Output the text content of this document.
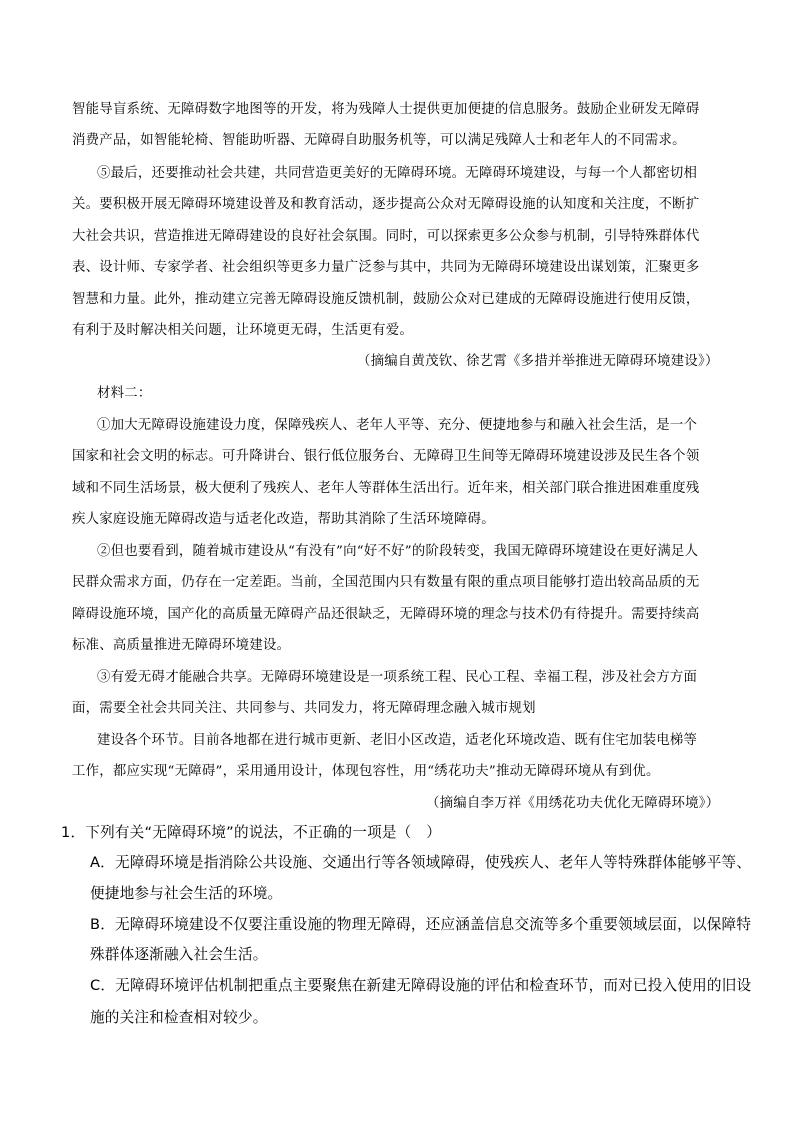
智能导盲系统、无障碍数字地图等的开发，将为残障人士提供更加便捷的信息服务。鼓励企业研发无障碍
消费产品，如智能轮椅、智能助听器、无障碍自助服务机等，可以满足残障人士和老年人的不同需求。
⑤最后，还要推动社会共建，共同营造更美好的无障碍环境。无障碍环境建设，与每一个人都密切相
关。要积极开展无障碍环境建设普及和教育活动，逐步提高公众对无障碍设施的认知度和关注度，不断扩
大社会共识，营造推进无障碍建设的良好社会氛围。同时，可以探索更多公众参与机制，引导特殊群体代
表、设计师、专家学者、社会组织等更多力量广泛参与其中，共同为无障碍环境建设出谋划策，汇聚更多
智慧和力量。此外，推动建立完善无障碍设施反馈机制，鼓励公众对已建成的无障碍设施进行使用反馈，
有利于及时解决相关问题，让环境更无碍，生活更有爱。
（摘编自黄茂钦、徐艺霄《多措并举推进无障碍环境建设》）
材料二：
①加大无障碍设施建设力度，保障残疾人、老年人平等、充分、便捷地参与和融入社会生活，是一个
国家和社会文明的标志。可升降讲台、银行低位服务台、无障碍卫生间等无障碍环境建设涉及民生各个领
域和不同生活场景，极大便利了残疾人、老年人等群体生活出行。近年来，相关部门联合推进困难重度残
疾人家庭设施无障碍改造与适老化改造，帮助其消除了生活环境障碍。
②但也要看到，随着城市建设从“有没有”向“好不好”的阶段转变，我国无障碍环境建设在更好满足人
民群众需求方面，仍存在一定差距。当前，全国范围内只有数量有限的重点项目能够打造出较高品质的无
障碍设施环境，国产化的高质量无障碍产品还很缺乏，无障碍环境的理念与技术仍有待提升。需要持续高
标准、高质量推进无障碍环境建设。
③有爱无碍才能融合共享。无障碍环境建设是一项系统工程、民心工程、幸福工程，涉及社会方方面
面，需要全社会共同关注、共同参与、共同发力，将无障碍理念融入城市规划
建设各个环节。目前各地都在进行城市更新、老旧小区改造，适老化环境改造、既有住宅加装电梯等
工作，都应实现“无障碍”，采用通用设计，体现包容性，用“绣花功夫”推动无障碍环境从有到优。
（摘编自李万祥《用绣花功夫优化无障碍环境》）
1．下列有关“无障碍环境”的说法，不正确的一项是（　）
A．无障碍环境是指消除公共设施、交通出行等各领域障碍，使残疾人、老年人等特殊群体能够平等、
便捷地参与社会生活的环境。
B．无障碍环境建设不仅要注重设施的物理无障碍，还应涵盖信息交流等多个重要领域层面，以保障特
殊群体逐渐融入社会生活。
C．无障碍环境评估机制把重点主要聚焦在新建无障碍设施的评估和检查环节，而对已投入使用的旧设
施的关注和检查相对较少。
